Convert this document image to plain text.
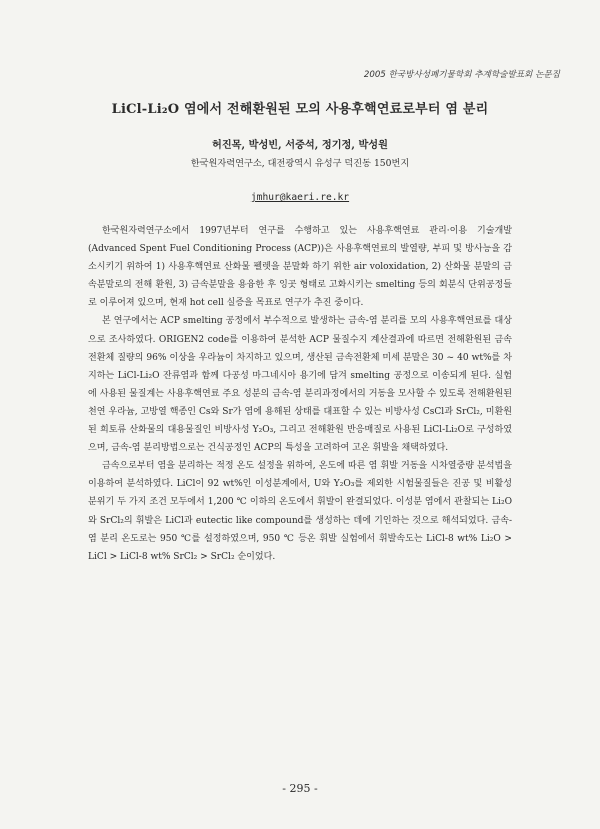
2005 한국방사성폐기물학회 추계학술발표회 논문집
LiCl-Li₂O 염에서 전해환원된 모의 사용후핵연료로부터 염 분리
허진목, 박성빈, 서중석, 정기정, 박성원
한국원자력연구소, 대전광역시 유성구 덕진동 150번지
jmhur@kaeri.re.kr

한국원자력연구소에서 1997년부터 연구를 수행하고 있는 사용후핵연료 관리·이용 기술개발 (Advanced Spent Fuel Conditioning Process (ACP))은 사용후핵연료의 발열량, 부피 및 방사능을 감소시키기 위하여 1) 사용후핵연료 산화물 펠렛을 분말화 하기 위한 air voloxidation, 2) 산화물 분말의 금속분말로의 전해 환원, 3) 금속분말을 용융한 후 잉곳 형태로 고화시키는 smelting 등의 회분식 단위공정들로 이루어져 있으며, 현재 hot cell 실증을 목표로 연구가 추진 중이다.

본 연구에서는 ACP smelting 공정에서 부수적으로 발생하는 금속-염 분리를 모의 사용후핵연료를 대상으로 조사하였다. ORIGEN2 code를 이용하여 분석한 ACP 물질수지 계산결과에 따르면 전해환원된 금속전환체 질량의 96% 이상을 우라늄이 차지하고 있으며, 생산된 금속전환체 미세 분말은 30 ~ 40 wt%를 차지하는 LiCl-Li₂O 잔류염과 함께 다공성 마그네시아 용기에 담겨 smelting 공정으로 이송되게 된다. 실험에 사용된 물질계는 사용후핵연료 주요 성분의 금속-염 분리과정에서의 거동을 모사할 수 있도록 전해환원된 천연 우라늄, 고방열 핵종인 Cs와 Sr가 염에 용해된 상태를 대표할 수 있는 비방사성 CsCl과 SrCl₂, 미환원된 희토류 산화물의 대용물질인 비방사성 Y₂O₃, 그리고 전해환원 반응매질로 사용된 LiCl-Li₂O로 구성하였으며, 금속-염 분리방법으로는 건식공정인 ACP의 특성을 고려하여 고온 휘발을 채택하였다.

금속으로부터 염을 분리하는 적정 온도 설정을 위하여, 온도에 따른 염 휘발 거동을 시차열중량 분석법을 이용하여 분석하였다. LiCl이 92 wt%인 이성분계에서, U와 Y₂O₃를 제외한 시험물질들은 진공 및 비활성 분위기 두 가지 조건 모두에서 1,200 ℃ 이하의 온도에서 휘발이 완결되었다. 이성분 염에서 관찰되는 Li₂O와 SrCl₂의 휘발은 LiCl과 eutectic like compound를 생성하는 데에 기인하는 것으로 해석되었다. 금속-염 분리 온도로는 950 ℃를 설정하였으며, 950 ℃ 등온 휘발 실험에서 휘발속도는 LiCl-8 wt% Li₂O > LiCl > LiCl-8 wt% SrCl₂ > SrCl₂ 순이었다.

- 295 -
